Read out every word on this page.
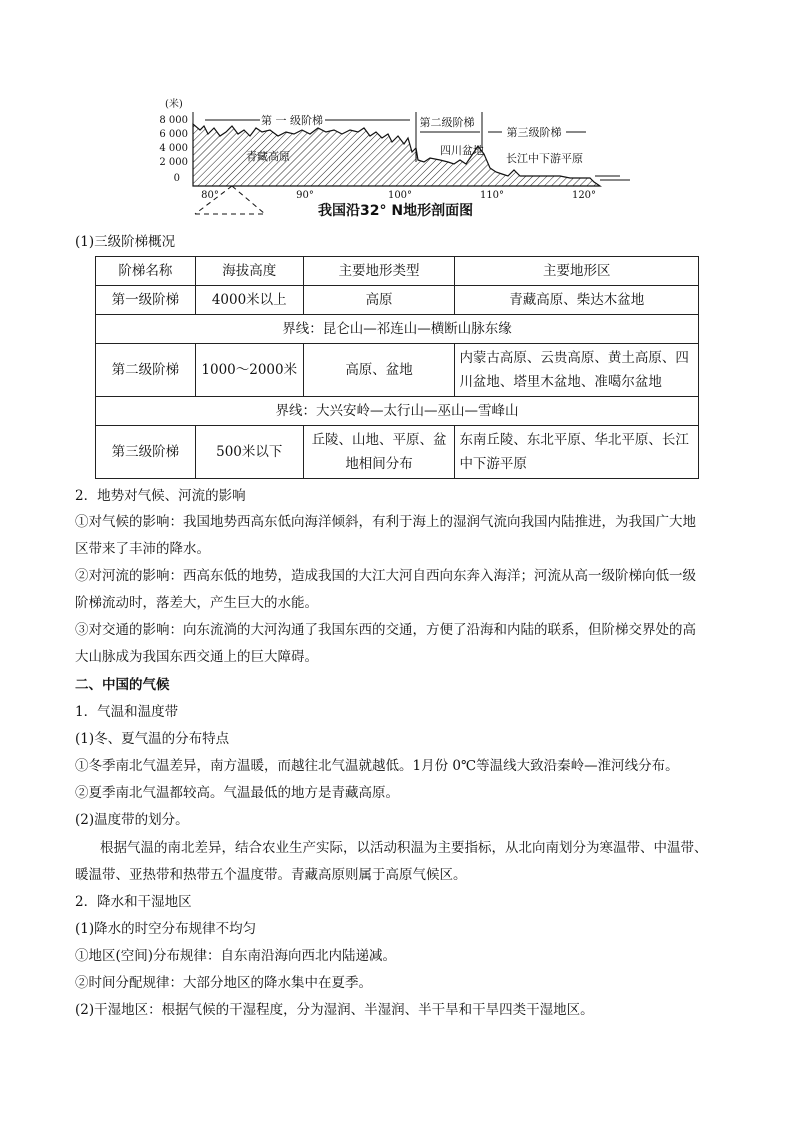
(米)
8 000
6 000
4 000
2 000
0
80°	90°	100°	110°	120°
第 一 级阶梯	第二级阶梯
第三级阶梯
青藏高原	四川盆地
长江中下游平原
我国沿32° N地形剖面图
(1)三级阶梯概况
阶梯名称	海拔高度	主要地形类型	主要地形区
第一级阶梯	4000米以上	高原	青藏高原、柴达木盆地
界线：昆仑山—祁连山—横断山脉东缘			
第二级阶梯	1000～2000米	高原、盆地	内蒙古高原、云贵高原、黄土高原、四川盆地、塔里木盆地、准噶尔盆地
界线：大兴安岭—太行山—巫山—雪峰山			
第三级阶梯	500米以下	丘陵、山地、平原、盆地相间分布	东南丘陵、东北平原、华北平原、长江中下游平原
2．地势对气候、河流的影响
①对气候的影响：我国地势西高东低向海洋倾斜，有利于海上的湿润气流向我国内陆推进，为我国广大地
区带来了丰沛的降水。
②对河流的影响：西高东低的地势，造成我国的大江大河自西向东奔入海洋；河流从高一级阶梯向低一级
阶梯流动时，落差大，产生巨大的水能。
③对交通的影响：向东流淌的大河沟通了我国东西的交通，方便了沿海和内陆的联系，但阶梯交界处的高
大山脉成为我国东西交通上的巨大障碍。
二、中国的气候
1．气温和温度带
(1)冬、夏气温的分布特点
①冬季南北气温差异，南方温暖，而越往北气温就越低。1月份 0℃等温线大致沿秦岭—淮河线分布。
②夏季南北气温都较高。气温最低的地方是青藏高原。
(2)温度带的划分。
根据气温的南北差异，结合农业生产实际，以活动积温为主要指标，从北向南划分为寒温带、中温带、
暖温带、亚热带和热带五个温度带。青藏高原则属于高原气候区。
2．降水和干湿地区
(1)降水的时空分布规律不均匀
①地区(空间)分布规律：自东南沿海向西北内陆递减。
②时间分配规律：大部分地区的降水集中在夏季。
(2)干湿地区：根据气候的干湿程度，分为湿润、半湿润、半干旱和干旱四类干湿地区。
